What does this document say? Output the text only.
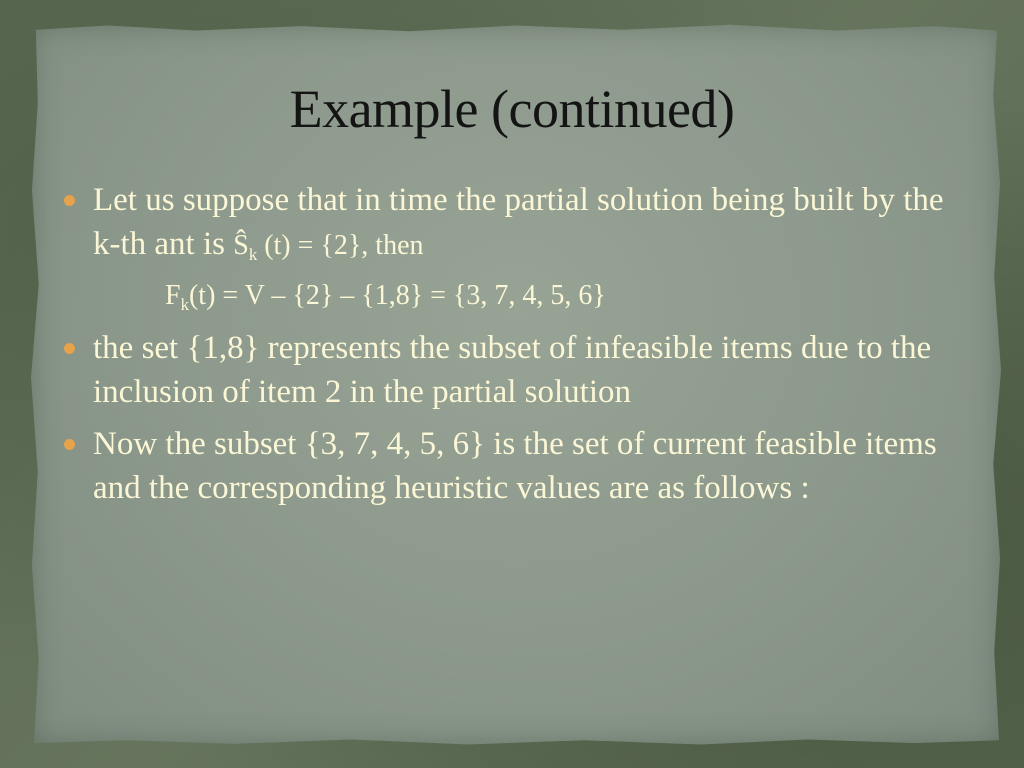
Example (continued)
Let us suppose that in time the partial solution being built by the k-th ant is $Ŝ_k$ (t) = {2}, then
$F_k(t) = V - \{2\} - \{1,8\} = \{3$, 7, 4, 5, 6}
the set {1,8} represents the subset of infeasible items due to the inclusion of item 2 in the partial solution
Now the subset {3, 7, 4, 5, 6} is the set of current feasible items and the corresponding heuristic values are as follows :
